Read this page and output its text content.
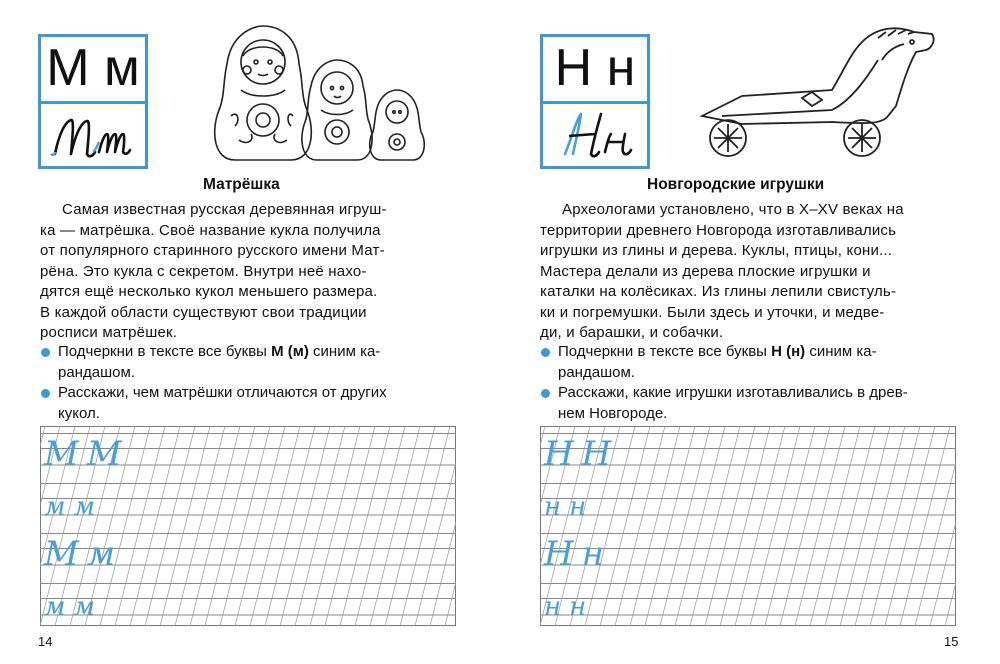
М м
Матрёшка
Самая известная русская деревянная игруш-
ка — матрёшка. Своё название кукла получила
от популярного старинного русского имени Мат-
рёна. Это кукла с секретом. Внутри неё нахо-
дятся ещё несколько кукол меньшего размера.
В каждой области существуют свои традиции
росписи матрёшек.
Подчеркни в тексте все буквы М (м) синим ка-
рандашом.
Расскажи, чем матрёшки отличаются от других
кукол.
ММ
мм
Мм
мм
14
Н н
Новгородские игрушки
Археологами установлено, что в X–XV веках на
территории древнего Новгорода изготавливались
игрушки из глины и дерева. Куклы, птицы, кони...
Мастера делали из дерева плоские игрушки и
каталки на колёсиках. Из глины лепили свистуль-
ки и погремушки. Были здесь и уточки, и медве-
ди, и барашки, и собачки.
Подчеркни в тексте все буквы Н (н) синим ка-
рандашом.
Расскажи, какие игрушки изготавливались в древ-
нем Новгороде.
НН
нн
Нн
нн
15
